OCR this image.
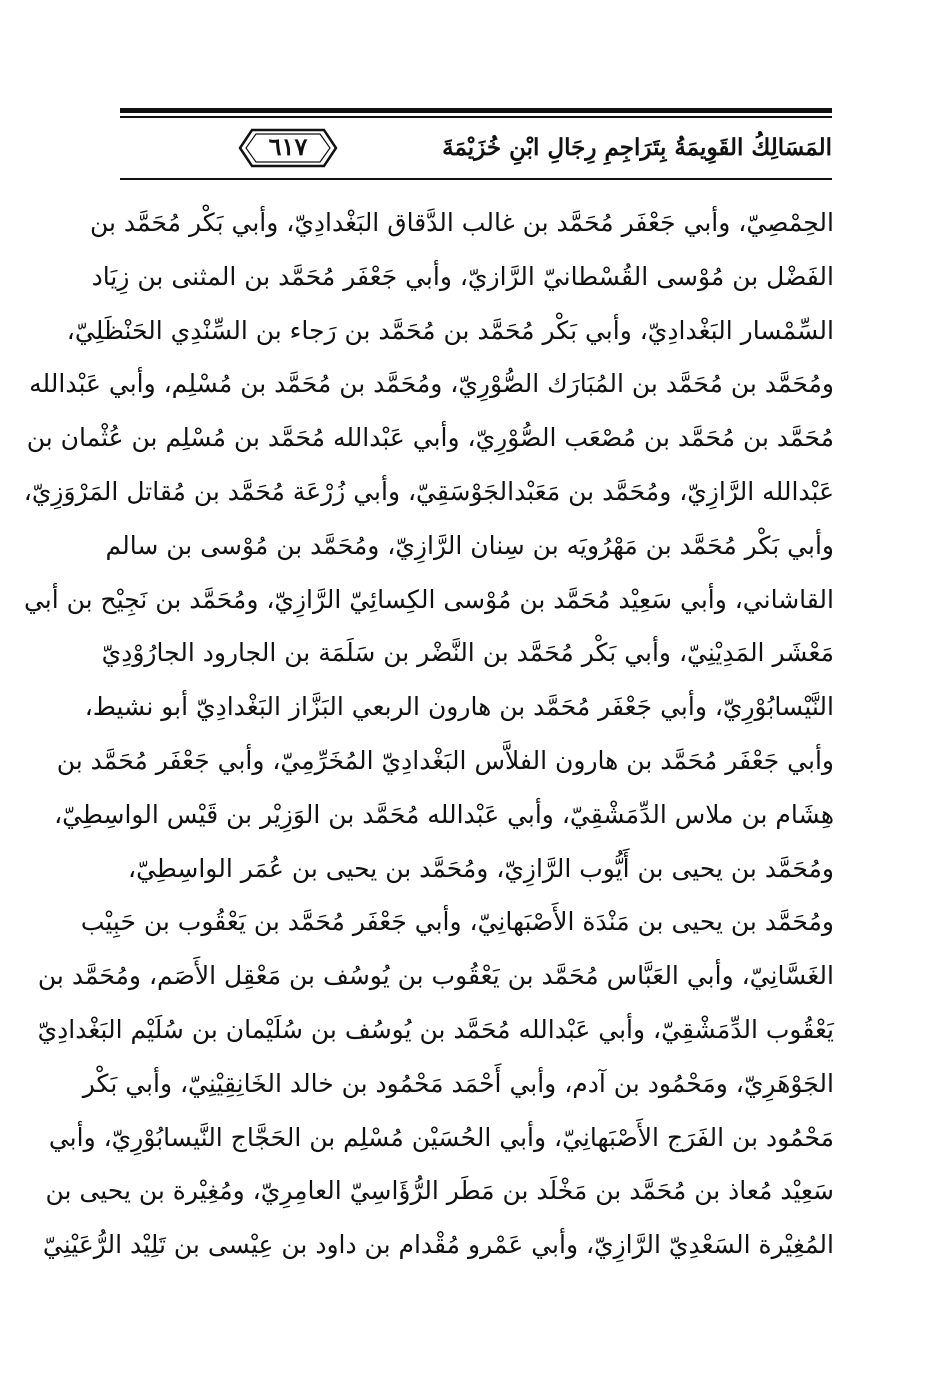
المَسَالِكُ القَوِيمَةُ بِتَرَاجِمِ رِجَالِ ابْنِ خُزَيْمَةَ
٦١٧
الحِمْصِيّ، وأبي جَعْفَر مُحَمَّد بن غالب الدَّقاق البَغْدادِيّ، وأبي بَكْر مُحَمَّد بن
الفَضْل بن مُوْسى القُسْطانيّ الرَّازيّ، وأبي جَعْفَر مُحَمَّد بن المثنى بن زِيَاد
السِّمْسار البَغْدادِيّ، وأبي بَكْر مُحَمَّد بن مُحَمَّد بن رَجاء بن السِّنْدِي الحَنْظَلِيّ،
ومُحَمَّد بن مُحَمَّد بن المُبَارَك الصُّوْرِيّ، ومُحَمَّد بن مُحَمَّد بن مُسْلِم، وأبي عَبْدالله
مُحَمَّد بن مُحَمَّد بن مُصْعَب الصُّوْرِيّ، وأبي عَبْدالله مُحَمَّد بن مُسْلِم بن عُثْمان بن
عَبْدالله الرَّازِيّ، ومُحَمَّد بن مَعَبْدالجَوْسَقِيّ، وأبي زُرْعَة مُحَمَّد بن مُقاتل المَرْوَزِيّ،
وأبي بَكْر مُحَمَّد بن مَهْرُويَه بن سِنان الرَّازِيّ، ومُحَمَّد بن مُوْسى بن سالم
القاشاني، وأبي سَعِيْد مُحَمَّد بن مُوْسى الكِسائِيّ الرَّازِيّ، ومُحَمَّد بن نَجِيْح بن أبي
مَعْشَر المَدِيْنِيّ، وأبي بَكْر مُحَمَّد بن النَّضْر بن سَلَمَة بن الجارود الجارُوْدِيّ
النَّيْسابُوْرِيّ، وأبي جَعْفَر مُحَمَّد بن هارون الربعي البَزَّاز البَغْدادِيّ أبو نشيط،
وأبي جَعْفَر مُحَمَّد بن هارون الفلاَّس البَغْدادِيّ المُخَرِّمِيّ، وأبي جَعْفَر مُحَمَّد بن
هِشَام بن ملاس الدِّمَشْقِيّ، وأبي عَبْدالله مُحَمَّد بن الوَزِيْر بن قَيْس الواسِطِيّ،
ومُحَمَّد بن يحيى بن أَيُّوب الرَّازِيّ، ومُحَمَّد بن يحيى بن عُمَر الواسِطِيّ،
ومُحَمَّد بن يحيى بن مَنْدَة الأَصْبَهانِيّ، وأبي جَعْفَر مُحَمَّد بن يَعْقُوب بن حَبِيْب
الغَسَّانِيّ، وأبي العَبَّاس مُحَمَّد بن يَعْقُوب بن يُوسُف بن مَعْقِل الأَصَم، ومُحَمَّد بن
يَعْقُوب الدِّمَشْقِيّ، وأبي عَبْدالله مُحَمَّد بن يُوسُف بن سُلَيْمان بن سُلَيْم البَغْدادِيّ
الجَوْهَرِيّ، ومَحْمُود بن آدم، وأبي أَحْمَد مَحْمُود بن خالد الخَانِقِيْنِيّ، وأبي بَكْر
مَحْمُود بن الفَرَج الأَصْبَهانِيّ، وأبي الحُسَيْن مُسْلِم بن الحَجَّاج النَّيسابُوْرِيّ، وأبي
سَعِيْد مُعاذ بن مُحَمَّد بن مَخْلَد بن مَطَر الرُّؤَاسِيّ العامِرِيّ، ومُغِيْرة بن يحيى بن
المُغِيْرة السَعْدِيّ الرَّازِيّ، وأبي عَمْرو مُقْدام بن داود بن عِيْسى بن تَلِيْد الرُّعَيْنِيّ
